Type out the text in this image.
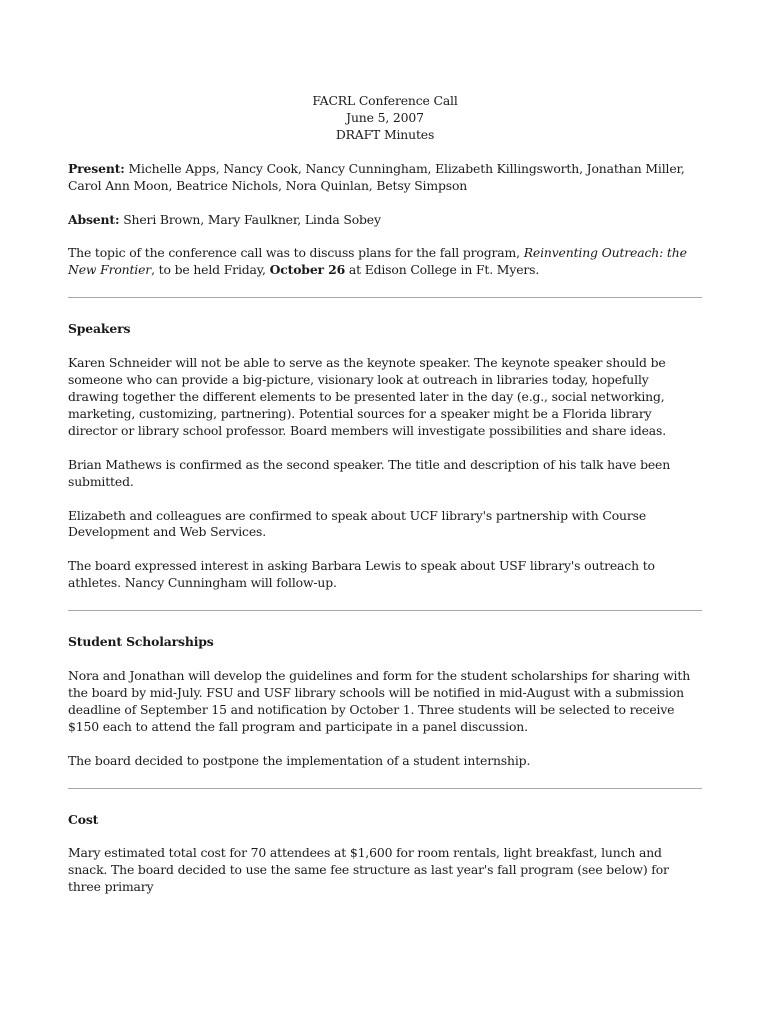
FACRL Conference Call
June 5, 2007
DRAFT Minutes

Present: Michelle Apps, Nancy Cook, Nancy Cunningham, Elizabeth Killingsworth, Jonathan Miller, Carol Ann Moon, Beatrice Nichols, Nora Quinlan, Betsy Simpson

Absent: Sheri Brown, Mary Faulkner, Linda Sobey

The topic of the conference call was to discuss plans for the fall program, Reinventing Outreach: the New Frontier, to be held Friday, October 26 at Edison College in Ft. Myers.

Speakers

Karen Schneider will not be able to serve as the keynote speaker. The keynote speaker should be someone who can provide a big-picture, visionary look at outreach in libraries today, hopefully drawing together the different elements to be presented later in the day (e.g., social networking, marketing, customizing, partnering). Potential sources for a speaker might be a Florida library director or library school professor. Board members will investigate possibilities and share ideas.

Brian Mathews is confirmed as the second speaker. The title and description of his talk have been submitted.

Elizabeth and colleagues are confirmed to speak about UCF library's partnership with Course Development and Web Services.

The board expressed interest in asking Barbara Lewis to speak about USF library's outreach to athletes. Nancy Cunningham will follow-up.

Student Scholarships

Nora and Jonathan will develop the guidelines and form for the student scholarships for sharing with the board by mid-July. FSU and USF library schools will be notified in mid-August with a submission deadline of September 15 and notification by October 1. Three students will be selected to receive $150 each to attend the fall program and participate in a panel discussion.

The board decided to postpone the implementation of a student internship.

Cost

Mary estimated total cost for 70 attendees at $1,600 for room rentals, light breakfast, lunch and snack. The board decided to use the same fee structure as last year's fall program (see below) for three primary
